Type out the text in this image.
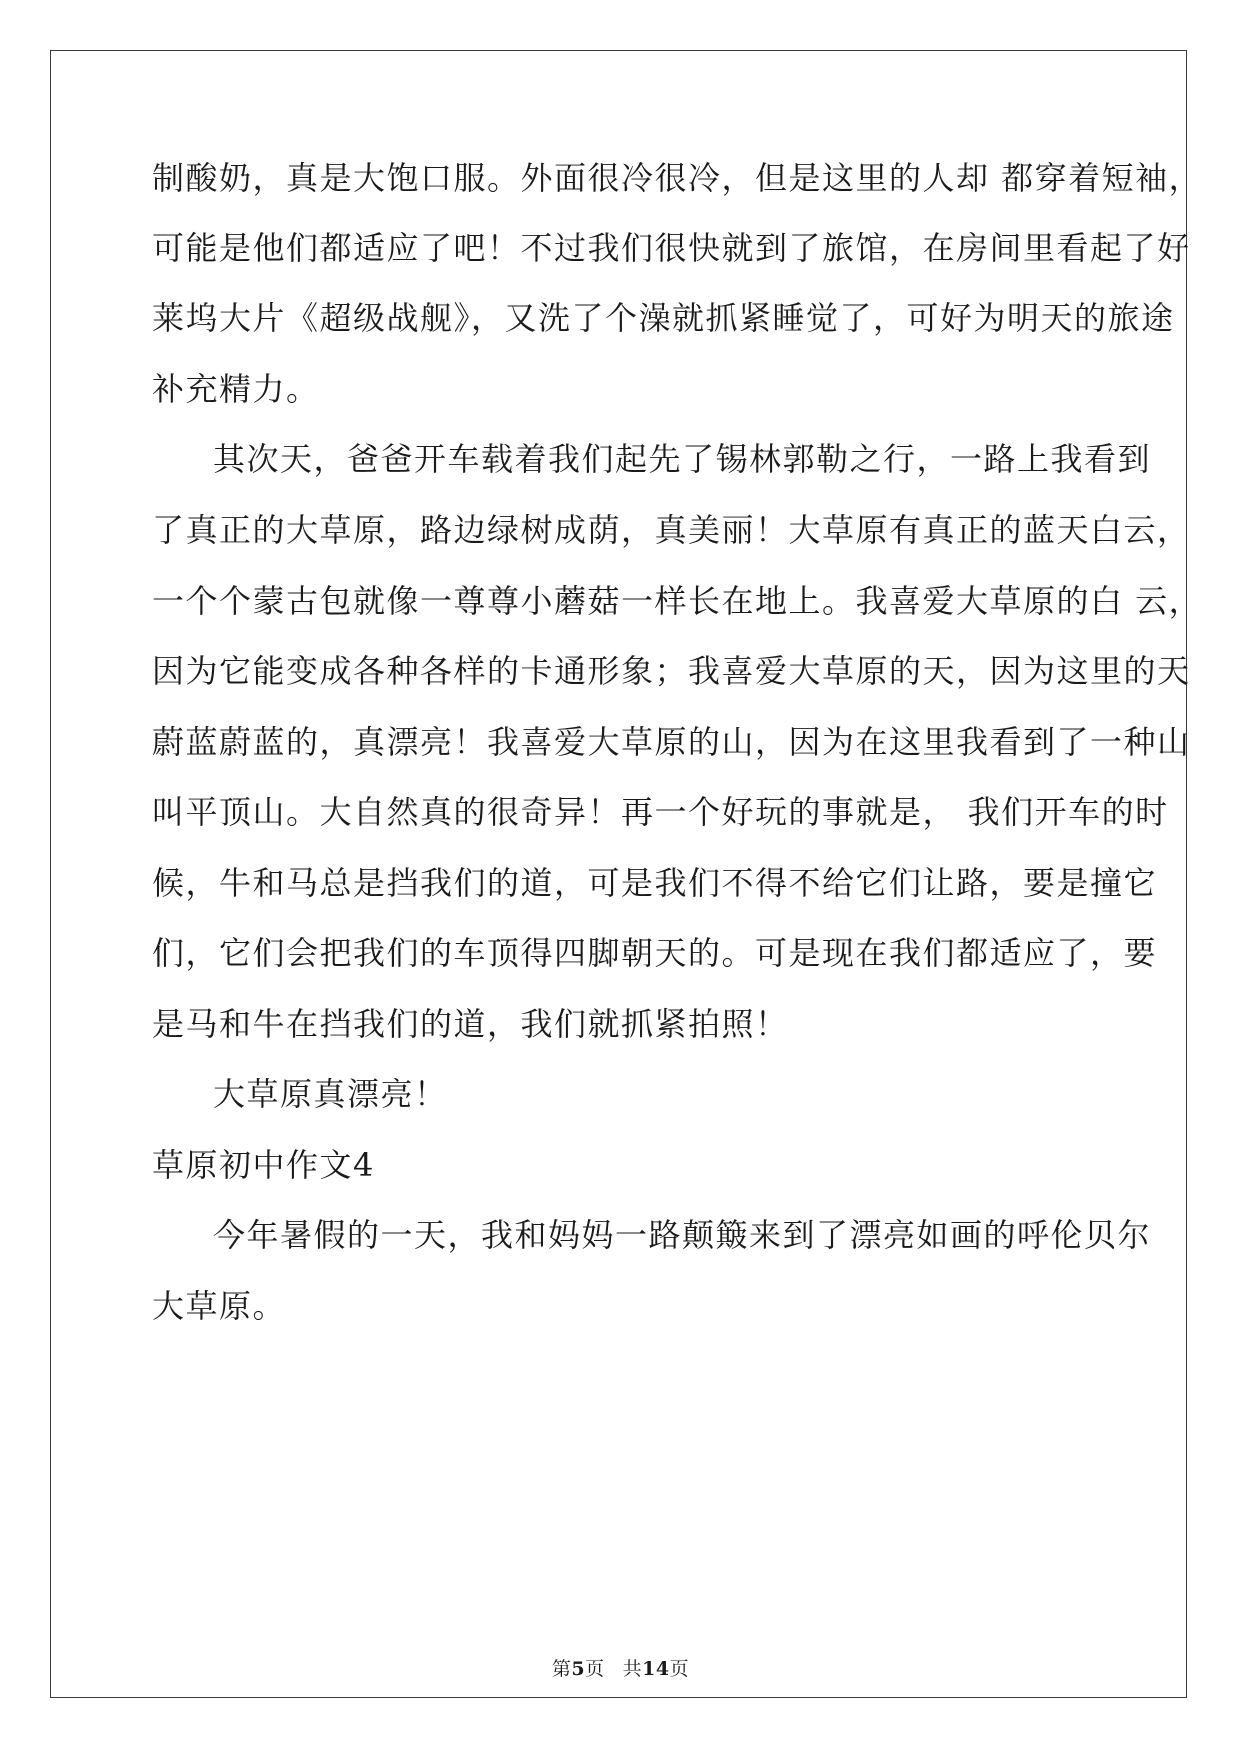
制酸奶，真是大饱口服。外面很冷很冷，但是这里的人却 都穿着短袖，
可能是他们都适应了吧！不过我们很快就到了旅馆，在房间里看起了好
莱坞大片《超级战舰》，又洗了个澡就抓紧睡觉了，可好为明天的旅途
补充精力。
其次天，爸爸开车载着我们起先了锡林郭勒之行，一路上我看到
了真正的大草原，路边绿树成荫，真美丽！大草原有真正的蓝天白云，
一个个蒙古包就像一尊尊小蘑菇一样长在地上。我喜爱大草原的白 云，
因为它能变成各种各样的卡通形象；我喜爱大草原的天，因为这里的天
蔚蓝蔚蓝的，真漂亮！我喜爱大草原的山，因为在这里我看到了一种山
叫平顶山。大自然真的很奇异！再一个好玩的事就是， 我们开车的时
候，牛和马总是挡我们的道，可是我们不得不给它们让路，要是撞它
们，它们会把我们的车顶得四脚朝天的。可是现在我们都适应了，要
是马和牛在挡我们的道，我们就抓紧拍照！
大草原真漂亮！
草原初中作文4
今年暑假的一天，我和妈妈一路颠簸来到了漂亮如画的呼伦贝尔
大草原。
第5页 共14页
